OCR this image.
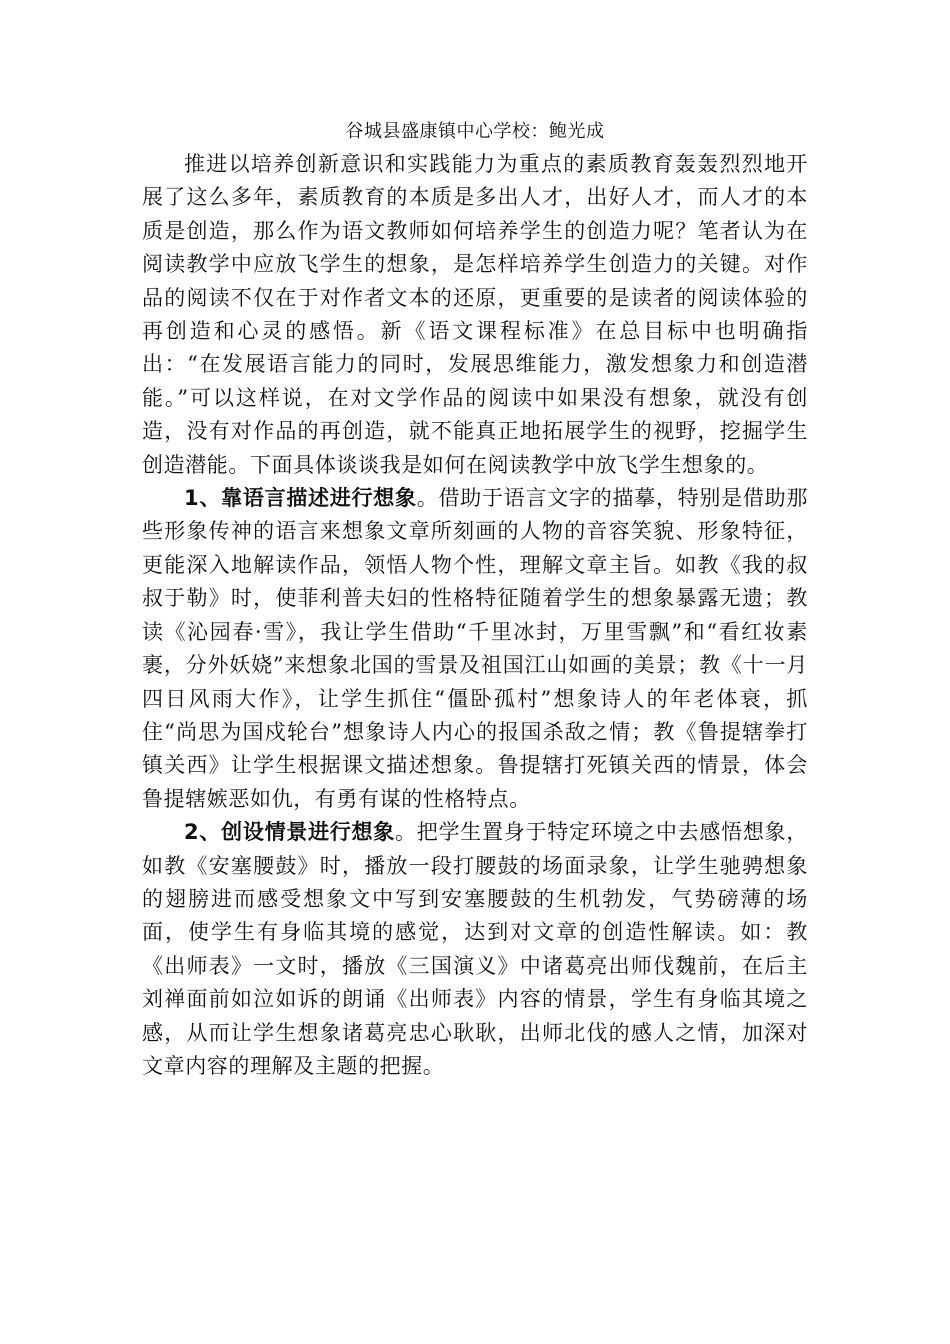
谷城县盛康镇中心学校：鲍光成

推进以培养创新意识和实践能力为重点的素质教育轰轰烈烈地开展了这么多年，素质教育的本质是多出人才，出好人才，而人才的本质是创造，那么作为语文教师如何培养学生的创造力呢？笔者认为在阅读教学中应放飞学生的想象，是怎样培养学生创造力的关键。对作品的阅读不仅在于对作者文本的还原，更重要的是读者的阅读体验的再创造和心灵的感悟。新《语文课程标准》在总目标中也明确指出：“在发展语言能力的同时，发展思维能力，激发想象力和创造潜能。”可以这样说，在对文学作品的阅读中如果没有想象，就没有创造，没有对作品的再创造，就不能真正地拓展学生的视野，挖掘学生创造潜能。下面具体谈谈我是如何在阅读教学中放飞学生想象的。

1、靠语言描述进行想象。借助于语言文字的描摹，特别是借助那些形象传神的语言来想象文章所刻画的人物的音容笑貌、形象特征，更能深入地解读作品，领悟人物个性，理解文章主旨。如教《我的叔叔于勒》时，使菲利普夫妇的性格特征随着学生的想象暴露无遗；教读《沁园春·雪》，我让学生借助“千里冰封，万里雪飘”和“看红妆素裹，分外妖娆”来想象北国的雪景及祖国江山如画的美景；教《十一月四日风雨大作》，让学生抓住“僵卧孤村”想象诗人的年老体衰，抓住“尚思为国戍轮台”想象诗人内心的报国杀敌之情；教《鲁提辖拳打镇关西》让学生根据课文描述想象。鲁提辖打死镇关西的情景，体会鲁提辖嫉恶如仇，有勇有谋的性格特点。

2、创设情景进行想象。把学生置身于特定环境之中去感悟想象，如教《安塞腰鼓》时，播放一段打腰鼓的场面录象，让学生驰骋想象的翅膀进而感受想象文中写到安塞腰鼓的生机勃发，气势磅薄的场面，使学生有身临其境的感觉，达到对文章的创造性解读。如：教《出师表》一文时，播放《三国演义》中诸葛亮出师伐魏前，在后主刘禅面前如泣如诉的朗诵《出师表》内容的情景，学生有身临其境之感，从而让学生想象诸葛亮忠心耿耿，出师北伐的感人之情，加深对文章内容的理解及主题的把握。
